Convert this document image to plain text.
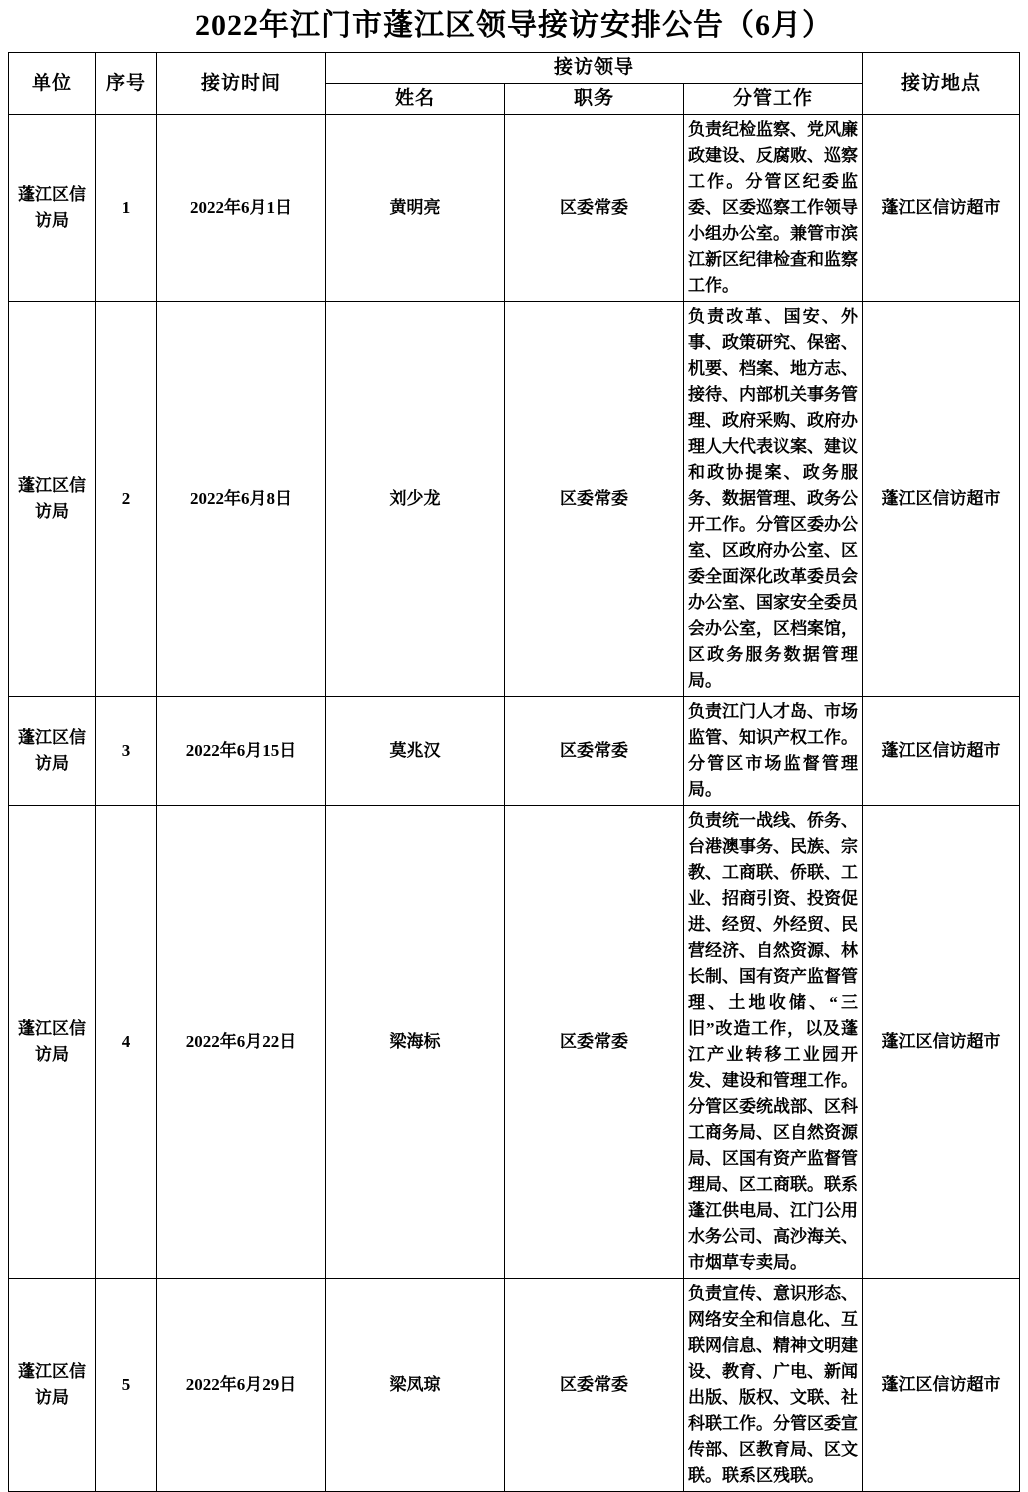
2022年江门市蓬江区领导接访安排公告（6月）
单位	序号	接访时间	接访领导			接访地点
			姓名	职务	分管工作	
蓬江区信访局	1	2022年6月1日	黄明亮	区委常委	负责纪检监察、党风廉政建设、反腐败、巡察工作。分管区纪委监委、区委巡察工作领导小组办公室。兼管市滨江新区纪律检查和监察工作。	蓬江区信访超市
蓬江区信访局	2	2022年6月8日	刘少龙	区委常委	负责改革、国安、外事、政策研究、保密、机要、档案、地方志、接待、内部机关事务管理、政府采购、政府办理人大代表议案、建议和政协提案、政务服务、数据管理、政务公开工作。分管区委办公室、区政府办公室、区委全面深化改革委员会办公室、国家安全委员会办公室，区档案馆，区政务服务数据管理局。	蓬江区信访超市
蓬江区信访局	3	2022年6月15日	莫兆汉	区委常委	负责江门人才岛、市场监管、知识产权工作。分管区市场监督管理局。	蓬江区信访超市
蓬江区信访局	4	2022年6月22日	梁海标	区委常委	负责统一战线、侨务、台港澳事务、民族、宗教、工商联、侨联、工业、招商引资、投资促进、经贸、外经贸、民营经济、自然资源、林长制、国有资产监督管理、土地收储、“三旧”改造工作，以及蓬江产业转移工业园开发、建设和管理工作。分管区委统战部、区科工商务局、区自然资源局、区国有资产监督管理局、区工商联。联系蓬江供电局、江门公用水务公司、高沙海关、市烟草专卖局。	蓬江区信访超市
蓬江区信访局	5	2022年6月29日	梁凤琼	区委常委	负责宣传、意识形态、网络安全和信息化、互联网信息、精神文明建设、教育、广电、新闻出版、版权、文联、社科联工作。分管区委宣传部、区教育局、区文联。联系区残联。	蓬江区信访超市
